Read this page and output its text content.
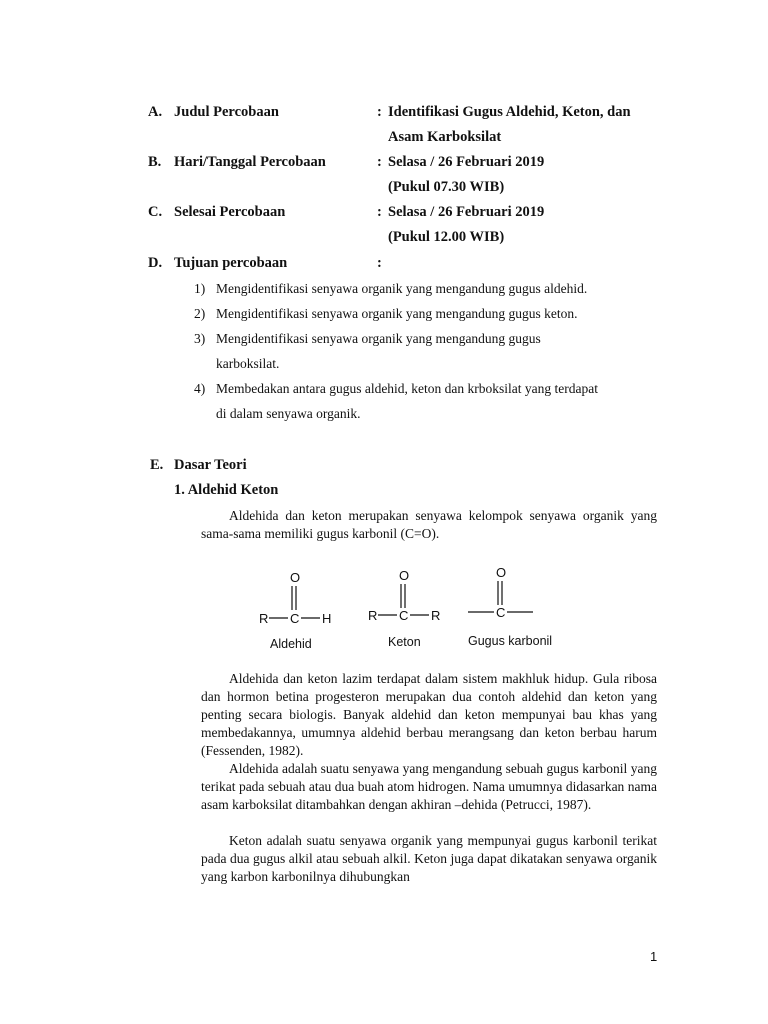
A. Judul Percobaan	: Identifikasi Gugus Aldehid, Keton, dan
Asam Karboksilat
B. Hari/Tanggal Percobaan	: Selasa / 26 Februari 2019
(Pukul 07.30 WIB)
C. Selesai Percobaan	: Selasa / 26 Februari 2019
(Pukul 12.00 WIB)
D. Tujuan percobaan	:
1) Mengidentifikasi senyawa organik yang mengandung gugus aldehid.
2) Mengidentifikasi senyawa organik yang mengandung gugus keton.
3) Mengidentifikasi senyawa organik yang mengandung gugus
karboksilat.
4) Membedakan antara gugus aldehid, keton dan krboksilat yang terdapat
di dalam senyawa organik.
E. Dasar Teori
1. Aldehid Keton
Aldehida dan keton merupakan senyawa kelompok senyawa organik yang sama-sama memiliki gugus karbonil (C=O).
O
R C H
Aldehid
O
R C R
Keton
O
C
Gugus karbonil
Aldehida dan keton lazim terdapat dalam sistem makhluk hidup. Gula ribosa dan hormon betina progesteron merupakan dua contoh aldehid dan keton yang penting secara biologis. Banyak aldehid dan keton mempunyai bau khas yang membedakannya, umumnya aldehid berbau merangsang dan keton berbau harum (Fessenden, 1982).
Aldehida adalah suatu senyawa yang mengandung sebuah gugus karbonil yang terikat pada sebuah atau dua buah atom hidrogen. Nama umumnya didasarkan nama asam karboksilat ditambahkan dengan akhiran –dehida (Petrucci, 1987).
Keton adalah suatu senyawa organik yang mempunyai gugus karbonil terikat pada dua gugus alkil atau sebuah alkil. Keton juga dapat dikatakan senyawa organik yang karbon karbonilnya dihubungkan
1
